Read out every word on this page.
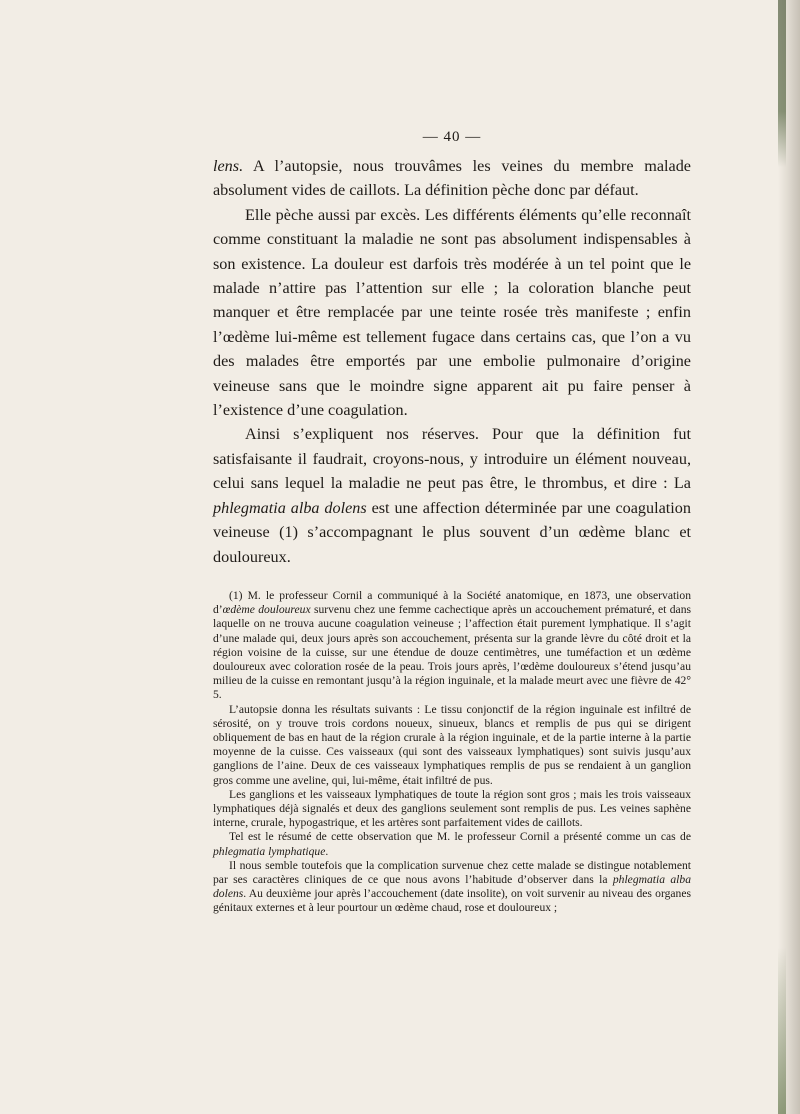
— 40 —

lens. A l’autopsie, nous trouvâmes les veines du membre malade absolument vides de caillots. La définition pèche donc par défaut.

Elle pèche aussi par excès. Les différents éléments qu’elle reconnaît comme constituant la maladie ne sont pas absolument indispensables à son existence. La douleur est darfois très modérée à un tel point que le malade n’attire pas l’attention sur elle ; la coloration blanche peut manquer et être remplacée par une teinte rosée très manifeste ; enfin l’œdème lui-même est tellement fugace dans certains cas, que l’on a vu des malades être emportés par une embolie pulmonaire d’origine veineuse sans que le moindre signe apparent ait pu faire penser à l’existence d’une coagulation.

Ainsi s’expliquent nos réserves. Pour que la définition fut satisfaisante il faudrait, croyons-nous, y introduire un élément nouveau, celui sans lequel la maladie ne peut pas être, le thrombus, et dire : La phlegmatia alba dolens est une affection déterminée par une coagulation veineuse (1) s’accompagnant le plus souvent d’un œdème blanc et douloureux.

(1) M. le professeur Cornil a communiqué à la Société anatomique, en 1873, une observation d’œdème douloureux survenu chez une femme cachectique après un accouchement prématuré, et dans laquelle on ne trouva aucune coagulation veineuse ; l’affection était purement lymphatique. Il s’agit d’une malade qui, deux jours après son accouchement, présenta sur la grande lèvre du côté droit et la région voisine de la cuisse, sur une étendue de douze centimètres, une tuméfaction et un œdème douloureux avec coloration rosée de la peau. Trois jours après, l’œdème douloureux s’étend jusqu’au milieu de la cuisse en remontant jusqu’à la région inguinale, et la malade meurt avec une fièvre de 42° 5.

L’autopsie donna les résultats suivants : Le tissu conjonctif de la région inguinale est infiltré de sérosité, on y trouve trois cordons noueux, sinueux, blancs et remplis de pus qui se dirigent obliquement de bas en haut de la région crurale à la région inguinale, et de la partie interne à la partie moyenne de la cuisse. Ces vaisseaux (qui sont des vaisseaux lymphatiques) sont suivis jusqu’aux ganglions de l’aine. Deux de ces vaisseaux lymphatiques remplis de pus se rendaient à un ganglion gros comme une aveline, qui, lui-même, était infiltré de pus.

Les ganglions et les vaisseaux lymphatiques de toute la région sont gros ; mais les trois vaisseaux lymphatiques déjà signalés et deux des ganglions seulement sont remplis de pus. Les veines saphène interne, crurale, hypogastrique, et les artères sont parfaitement vides de caillots.

Tel est le résumé de cette observation que M. le professeur Cornil a présenté comme un cas de phlegmatia lymphatique.

Il nous semble toutefois que la complication survenue chez cette malade se distingue notablement par ses caractères cliniques de ce que nous avons l’habitude d’observer dans la phlegmatia alba dolens. Au deuxième jour après l’accouchement (date insolite), on voit survenir au niveau des organes génitaux externes et à leur pourtour un œdème chaud, rose et douloureux ;
